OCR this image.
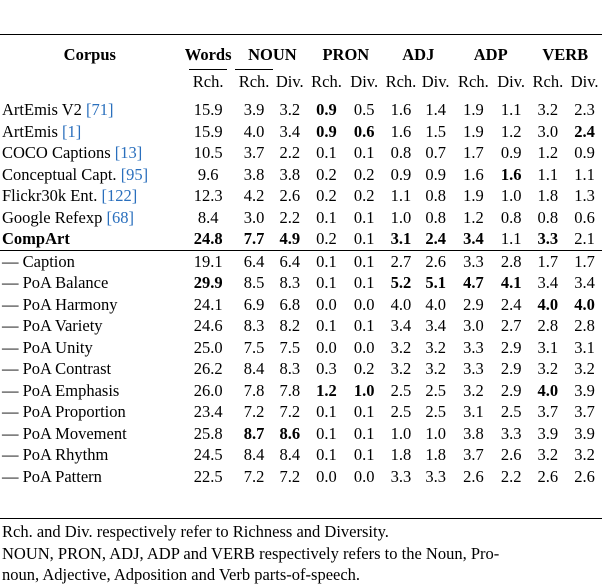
Corpus	Words	NOUN		PRON		ADJ		ADP		VERB	
	Rch.	Rch.	Div.	Rch.	Div.	Rch.	Div.	Rch.	Div.	Rch.	Div.
ArtEmis V2 [71]	15.9	3.9	3.2	0.9	0.5	1.6	1.4	1.9	1.1	3.2	2.3
ArtEmis [1]	15.9	4.0	3.4	0.9	0.6	1.6	1.5	1.9	1.2	3.0	2.4
COCO Captions [13]	10.5	3.7	2.2	0.1	0.1	0.8	0.7	1.7	0.9	1.2	0.9
Conceptual Capt. [95]	9.6	3.8	3.8	0.2	0.2	0.9	0.9	1.6	1.6	1.1	1.1
Flickr30k Ent. [122]	12.3	4.2	2.6	0.2	0.2	1.1	0.8	1.9	1.0	1.8	1.3
Google Refexp [68]	8.4	3.0	2.2	0.1	0.1	1.0	0.8	1.2	0.8	0.8	0.6
CompArt	24.8	7.7	4.9	0.2	0.1	3.1	2.4	3.4	1.1	3.3	2.1
— Caption	19.1	6.4	6.4	0.1	0.1	2.7	2.6	3.3	2.8	1.7	1.7
— PoA Balance	29.9	8.5	8.3	0.1	0.1	5.2	5.1	4.7	4.1	3.4	3.4
— PoA Harmony	24.1	6.9	6.8	0.0	0.0	4.0	4.0	2.9	2.4	4.0	4.0
— PoA Variety	24.6	8.3	8.2	0.1	0.1	3.4	3.4	3.0	2.7	2.8	2.8
— PoA Unity	25.0	7.5	7.5	0.0	0.0	3.2	3.2	3.3	2.9	3.1	3.1
— PoA Contrast	26.2	8.4	8.3	0.3	0.2	3.2	3.2	3.3	2.9	3.2	3.2
— PoA Emphasis	26.0	7.8	7.8	1.2	1.0	2.5	2.5	3.2	2.9	4.0	3.9
— PoA Proportion	23.4	7.2	7.2	0.1	0.1	2.5	2.5	3.1	2.5	3.7	3.7
— PoA Movement	25.8	8.7	8.6	0.1	0.1	1.0	1.0	3.8	3.3	3.9	3.9
— PoA Rhythm	24.5	8.4	8.4	0.1	0.1	1.8	1.8	3.7	2.6	3.2	3.2
— PoA Pattern	22.5	7.2	7.2	0.0	0.0	3.3	3.3	2.6	2.2	2.6	2.6

Rch. and Div. respectively refer to Richness and Diversity.

NOUN, PRON, ADJ, ADP and VERB respectively refers to the Noun, Pro-

noun, Adjective, Adposition and Verb parts-of-speech.
